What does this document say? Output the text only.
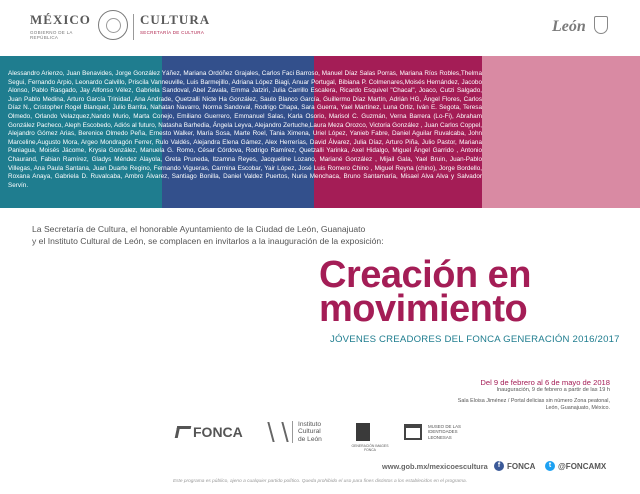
MÉXICO
GOBIERNO DE LA REPÚBLICA
CULTURA
SECRETARÍA DE CULTURA	León
Alessandro Arienzo, Juan Benavides, Jorge González Yáñez, Mariana Ordóñez Grajales, Carlos Faci Barroso, Manuel Díaz Salas Porras, Mariana Ríos Robles,Thelma Segui, Fernando Arpio, Leonardo Calvillo, Priscila Vanneuville, Luis Barmejillo, Adriana López Biagi, Anuar Portugal, Bibiana P. Colmenares,Moisés Hernández, Jacobo Alonso, Pablo Rasgado, Jay Alfonso Vélez, Gabriela Sandoval, Abel Zavala, Emma Jatziri, Julia Carrillo Escalera, Ricardo Esquivel "Chacal", Joaco, Cutzi Salgado, Juan Pablo Medina, Arturo García Trinidad, Ana Andrade, Quetzalli Nicte Ha González, Saulo Blanco García, Guillermo Díaz Martín, Adrián HG, Ángel Flores, Carlos Díaz N., Cristopher Rogel Blanquet, Julio Barrita, Nahatan Navarro, Norma Sandoval, Rodrigo Chapa, Sara Guerra, Yael Martínez, Luna Ortiz, Iván E. Segota, Teresa Olmedo, Orlando Velazquez,Nando Murio, Marta Conejo, Emiliano Guerrero, Emmanuel Salas, Karla Osorio, Marisol C. Guzmán, Verna Barrera (Lo-Fi), Abraham González Pacheco, Aleph Escobedo, Adiós al futuro, Natasha Barhedia, Ángela Leyva, Alejandro Zertuche,Laura Meza Orozco, Victoria González , Juan Carlos Coppel, Alejandro Gómez Arias, Berenice Olmedo Peña, Ernesto Walker, María Sosa, Marte Roel, Tania Ximena, Uriel López, Yanieb Fabre, Daniel Aguilar Ruvalcaba, John Marceline,Augusto Mora, Argeo Mondragón Ferrer, Rulo Valdés, Alejandra Elena Gámez, Alex Herrerías, David Álvarez, Julia Díaz, Arturo Piña, Julio Pastor, Mariana Paniagua, Moisés Jácome, Krysia González, Manuela G. Romo, César Córdova, Rodrigo Ramírez, Quetzalli Yarinka, Axel Hidalgo, Miguel Ángel Garrido , Antonio Chaurand, Fabian Ramírez, Gladys Méndez Alayola, Greta Pruneda, Itzamna Reyes, Jacqueline Lozano, Mariané González , Mijail Gala, Yael Bruin, Juan-Pablo Villegas, Ana Paula Santana, Juan Duarte Regino, Fernando Vigueras, Carmina Escobar, Yair López, José Luis Romero Chino , Miguel Reyna (chino), Jorge Bordello, Roxana Anaya, Gabriela D. Ruvalcaba, Ambro Álvarez, Santiago Bonilla, Daniel Valdez Puertos, Nuria Menchaca, Bruno Santamaría, Misael Alva Alva y Salvador Servín.
La Secretaría de Cultura, el honorable Ayuntamiento de la Ciudad de León, Guanajuato
y el Instituto Cultural de León, se complacen en invitarlos a la inauguración de la exposición:
Creación en
movimiento
JÓVENES CREADORES DEL FONCA GENERACIÓN 2016/2017
Del 9 de febrero al 6 de mayo de 2018
Inauguración, 9 de febrero a partir de las 19 h
Sala Eloisa Jiménez / Portal delicias sin número Zona peatonal,
León, Guanajuato, México.
FONCA	Instituto
Cultural
de León
GENERACIÓN IMAGES FONCA
MUSEO DE LAS
IDENTIDADES
LEONESAS
www.gob.mx/mexicoescultura	f FONCA	t @FONCAMX
Este programa es público, ajeno a cualquier partido político. Queda prohibido el uso para fines distintos a los establecidos en el programa.
